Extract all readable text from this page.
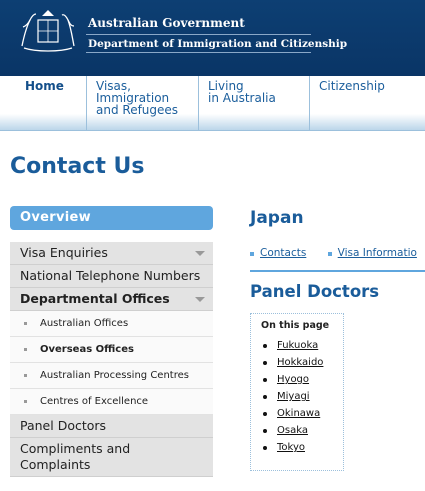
Australian Government
Department of Immigration and Citizenship
Home	Visas,
Immigration
and Refugees
Living
in Australia
Citizenship
Contact Us
Overview
Visa Enquiries
National Telephone Numbers
Departmental Offices
Australian Offices
Overseas Offices
Australian Processing Centres
Centres of Excellence
Panel Doctors
Compliments and Complaints
Japan
Contacts	Visa Informatio
Panel Doctors
On this page
Fukuoka
Hokkaido
Hyogo
Miyagi
Okinawa
Osaka
Tokyo
